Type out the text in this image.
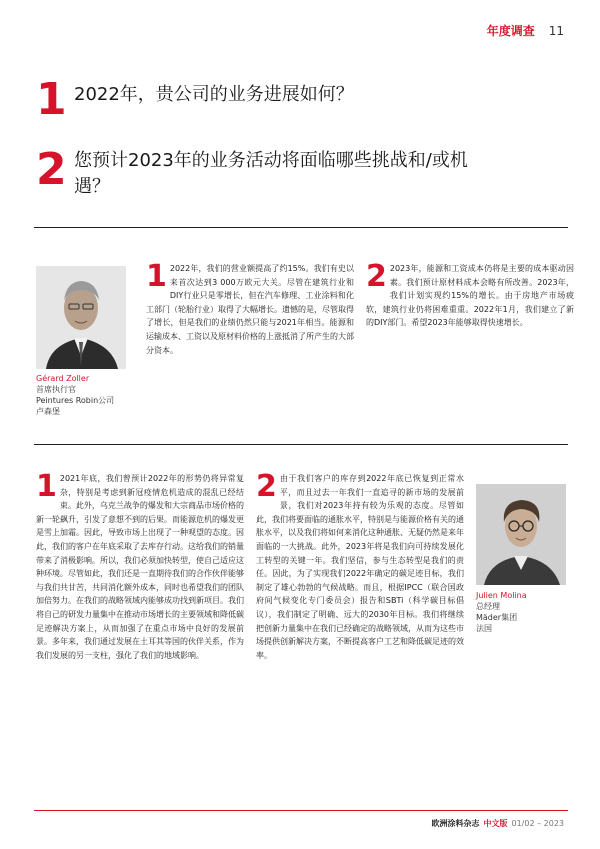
年度调查 11
1 2022年，贵公司的业务进展如何？
2 您预计2023年的业务活动将面临哪些挑战和/或机遇？
Gérard Zoller
首席执行官
Peintures Robin公司
卢森堡
1 2022年，我们的营业额提高了约15%。我们有史以来首次达到3 000万欧元大关。尽管在建筑行业和DIY行业只是零增长，但在汽车修理、工业涂料和化工部门（轮胎行业）取得了大幅增长。遗憾的是，尽管取得了增长，但是我们的业绩仍然只能与2021年相当。能源和运输成本、工资以及原材料价格的上涨抵消了所产生的大部分资本。
2 2023年，能源和工资成本仍将是主要的成本驱动因素。我们预计原材料成本会略有所改善。2023年，我们计划实现约15%的增长。由于房地产市场疲软，建筑行业仍将困难重重。2022年1月，我们建立了新的DIY部门。希望2023年能够取得快速增长。
1 2021年底，我们曾预计2022年的形势仍将异常复杂，特别是考虑到新冠疫情危机造成的混乱已经结束。此外，乌克兰战争的爆发和大宗商品市场价格的新一轮飙升，引发了意想不到的后果。而能源危机的爆发更是雪上加霜。因此，导致市场上出现了一种观望的态度。因此，我们的客户在年底采取了去库存行动。这给我们的销量带来了消极影响。所以，我们必须加快转型，使自己适应这种环境。尽管如此，我们还是一直期待我们的合作伙伴能够与我们共甘苦，共同消化额外成本，同时也希望我们的团队加倍努力。在我们的战略领域内能够成功找到新项目。我们将自己的研发力量集中在推动市场增长的主要领域和降低碳足迹解决方案上，从而加强了在重点市场中良好的发展前景。多年来，我们通过发展在土耳其等国的伙伴关系，作为我们发展的另一支柱，强化了我们的地域影响。
2 由于我们客户的库存到2022年底已恢复到正常水平，而且过去一年我们一直追寻的新市场的发展前景，我们对2023年持有较为乐观的态度。尽管如此，我们将要面临的通胀水平，特别是与能源价格有关的通胀水平，以及我们将如何来消化这种通胀、无疑仍然是来年面临的一大挑战。此外，2023年将是我们向可持续发展化工转型的关键一年。我们坚信，参与生态转型是我们的责任。因此，为了实现我们2022年确定的碳足迹目标，我们制定了雄心勃勃的气候战略。而且，根据IPCC（联合国政府间气候变化专门委员会）报告和SBTi（科学碳目标倡议），我们制定了明确、远大的2030年目标。我们将继续把创新力量集中在我们已经确定的战略领域，从而为这些市场提供创新解决方案，不断提高客户工艺和降低碳足迹的效率。
Julien Molina
总经理
Mäder集团
法国
欧洲涂料杂志 中文版 01/02 – 2023
